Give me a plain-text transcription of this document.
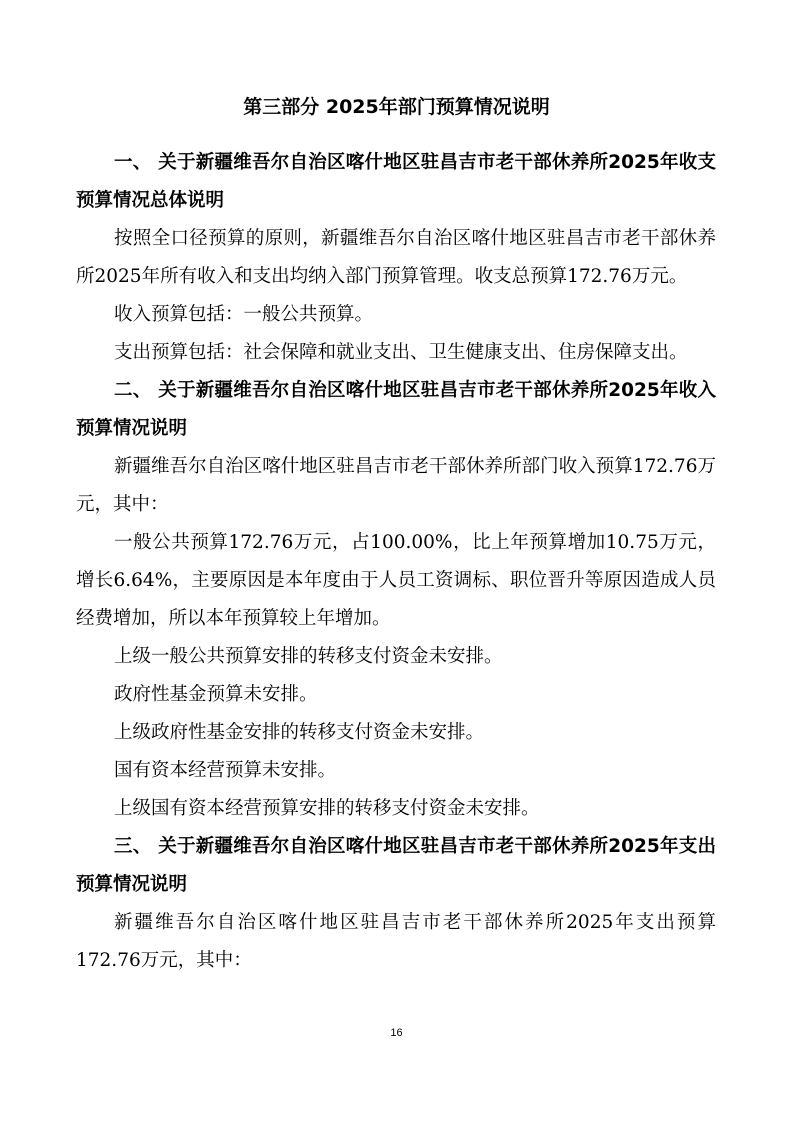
第三部分 2025年部门预算情况说明
一、 关于新疆维吾尔自治区喀什地区驻昌吉市老干部休养所2025年收支预算情况总体说明
按照全口径预算的原则，新疆维吾尔自治区喀什地区驻昌吉市老干部休养所2025年所有收入和支出均纳入部门预算管理。收支总预算172.76万元。
收入预算包括：一般公共预算。
支出预算包括：社会保障和就业支出、卫生健康支出、住房保障支出。
二、 关于新疆维吾尔自治区喀什地区驻昌吉市老干部休养所2025年收入预算情况说明
新疆维吾尔自治区喀什地区驻昌吉市老干部休养所部门收入预算172.76万元，其中：
一般公共预算172.76万元，占100.00%，比上年预算增加10.75万元，增长6.64%，主要原因是本年度由于人员工资调标、职位晋升等原因造成人员经费增加，所以本年预算较上年增加。
上级一般公共预算安排的转移支付资金未安排。
政府性基金预算未安排。
上级政府性基金安排的转移支付资金未安排。
国有资本经营预算未安排。
上级国有资本经营预算安排的转移支付资金未安排。
三、 关于新疆维吾尔自治区喀什地区驻昌吉市老干部休养所2025年支出预算情况说明
新疆维吾尔自治区喀什地区驻昌吉市老干部休养所2025年支出预算172.76万元，其中：
16
